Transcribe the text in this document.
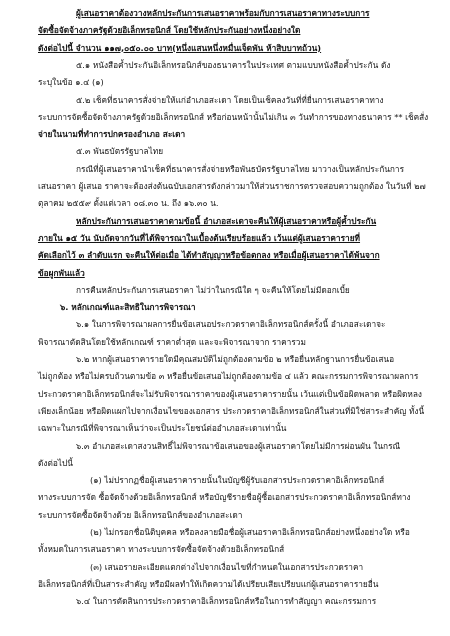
ผู้เสนอราคาต้องวางหลักประกันการเสนอราคาพร้อมกับการเสนอราคาทางระบบการ
จัดซื้อจัดจ้างภาครัฐด้วยอิเล็กทรอนิกส์ โดยใช้หลักประกันอย่างหนึ่งอย่างใด
ดังต่อไปนี้ จำนวน ๑๑๗,๐๕๐.๐๐ บาท(หนึ่งแสนหนึ่งหมื่นเจ็ดพัน ห้าสิบบาทถ้วน)
๕.๑ หนังสือค้ำประกันอิเล็กทรอนิกส์ของธนาคารในประเทศ ตามแบบหนังสือค้ำประกัน ดัง
ระบุในข้อ ๑.๔ (๑)
๕.๒ เช็คที่ธนาคารสั่งจ่ายให้แก่อำเภอสะเดา โดยเป็นเช็คลงวันที่ที่ยื่นการเสนอราคาทาง
ระบบการจัดซื้อจัดจ้างภาครัฐด้วยอิเล็กทรอนิกส์ หรือก่อนหน้านั้นไม่เกิน ๓ วันทำการของทางธนาคาร ** เช็คสั่ง
จ่ายในนามที่ทำการปกครองอำเภอ สะเดา
๕.๓ พันธบัตรรัฐบาลไทย
กรณีที่ผู้เสนอราคานำเช็คที่ธนาคารสั่งจ่ายหรือพันธบัตรรัฐบาลไทย มาวางเป็นหลักประกันการ
เสนอราคา ผู้เสนอ ราคาจะต้องส่งต้นฉบับเอกสารดังกล่าวมาให้ส่วนราชการตรวจสอบความถูกต้อง ในวันที่ ๒๗
ตุลาคม ๒๕๕๙ ตั้งแต่เวลา ๐๘.๓๐ น. ถึง ๑๖.๓๐ น.
หลักประกันการเสนอราคาตามข้อนี้ อำเภอสะเดาจะคืนให้ผู้เสนอราคาหรือผู้ค้ำประกัน
ภายใน ๑๕ วัน นับถัดจากวันที่ได้พิจารณาในเบื้องต้นเรียบร้อยแล้ว เว้นแต่ผู้เสนอราคารายที่
คัดเลือกไว้ ๓ ลำดับแรก จะคืนให้ต่อเมื่อ ได้ทำสัญญาหรือข้อตกลง หรือเมื่อผู้เสนอราคาได้พ้นจาก
ข้อผูกพันแล้ว
การคืนหลักประกันการเสนอราคา ไม่ว่าในกรณีใด ๆ จะคืนให้โดยไม่มีดอกเบี้ย
๖. หลักเกณฑ์และสิทธิในการพิจารณา
๖.๑ ในการพิจารณาผลการยื่นข้อเสนอประกวดราคาอิเล็กทรอนิกส์ครั้งนี้ อำเภอสะเดาจะ
พิจารณาตัดสินโดยใช้หลักเกณฑ์ ราคาต่ำสุด และจะพิจารณาจาก ราคารวม
๖.๒ หากผู้เสนอราคารายใดมีคุณสมบัติไม่ถูกต้องตามข้อ ๒ หรือยื่นหลักฐานการยื่นข้อเสนอ
ไม่ถูกต้อง หรือไม่ครบถ้วนตามข้อ ๓ หรือยื่นข้อเสนอไม่ถูกต้องตามข้อ ๔ แล้ว คณะกรรมการพิจารณาผลการ
ประกวดราคาอิเล็กทรอนิกส์จะไม่รับพิจารณาราคาของผู้เสนอราคารายนั้น เว้นแต่เป็นข้อผิดพลาด หรือผิดหลง
เพียงเล็กน้อย หรือผิดแผกไปจากเงื่อนไขของเอกสาร ประกวดราคาอิเล็กทรอนิกส์ในส่วนที่มิใช่สาระสำคัญ ทั้งนี้
เฉพาะในกรณีที่พิจารณาเห็นว่าจะเป็นประโยชน์ต่ออำเภอสะเดาเท่านั้น
๖.๓ อำเภอสะเดาสงวนสิทธิ์ไม่พิจารณาข้อเสนอของผู้เสนอราคาโดยไม่มีการผ่อนผัน ในกรณี
ดังต่อไปนี้
(๑) ไม่ปรากฏชื่อผู้เสนอราคารายนั้นในบัญชีผู้รับเอกสารประกวดราคาอิเล็กทรอนิกส์
ทางระบบการจัด ซื้อจัดจ้างด้วยอิเล็กทรอนิกส์ หรือบัญชีรายชื่อผู้ซื้อเอกสารประกวดราคาอิเล็กทรอนิกส์ทาง
ระบบการจัดซื้อจัดจ้างด้วย อิเล็กทรอนิกส์ของอำเภอสะเดา
(๒) ไม่กรอกชื่อนิติบุคคล หรือลงลายมือชื่อผู้เสนอราคาอิเล็กทรอนิกส์อย่างหนึ่งอย่างใด หรือ
ทั้งหมดในการเสนอราคา ทางระบบการจัดซื้อจัดจ้างด้วยอิเล็กทรอนิกส์
(๓) เสนอรายละเอียดแตกต่างไปจากเงื่อนไขที่กำหนดในเอกสารประกวดราคา
อิเล็กทรอนิกส์ที่เป็นสาระสำคัญ หรือมีผลทำให้เกิดความได้เปรียบเสียเปรียบแก่ผู้เสนอราคารายอื่น
๖.๔ ในการตัดสินการประกวดราคาอิเล็กทรอนิกส์หรือในการทำสัญญา คณะกรรมการ
